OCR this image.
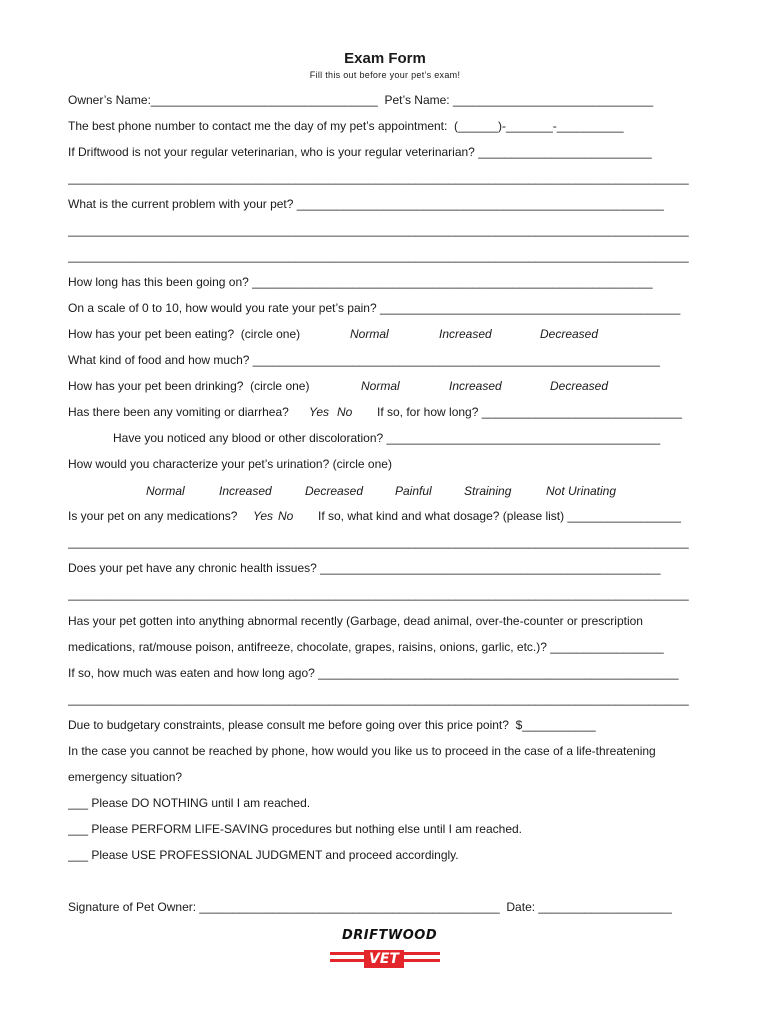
Exam Form
Fill this out before your pet’s exam!
Owner’s Name:__________________________________  Pet’s Name: ______________________________
The best phone number to contact me the day of my pet’s appointment:  (______)-_______-__________
If Driftwood is not your regular veterinarian, who is your regular veterinarian? __________________________
_____________________________________________________________________________________________
What is the current problem with your pet? _______________________________________________________
_____________________________________________________________________________________________
_____________________________________________________________________________________________
How long has this been going on? ____________________________________________________________
On a scale of 0 to 10, how would you rate your pet’s pain? _____________________________________________
How has your pet been eating?  (circle one)	Normal	Increased	Decreased
What kind of food and how much? _____________________________________________________________
How has your pet been drinking?  (circle one)	Normal	Increased	Decreased
Has there been any vomiting or diarrhea?	Yes No If so, for how long? ______________________________
Have you noticed any blood or other discoloration? _________________________________________
How would you characterize your pet’s urination? (circle one)
Normal	Increased	Decreased	Painful	Straining	Not Urinating
Is your pet on any medications?	Yes No If so, what kind and what dosage? (please list) _________________
_____________________________________________________________________________________________
Does your pet have any chronic health issues? ___________________________________________________
_____________________________________________________________________________________________
Has your pet gotten into anything abnormal recently (Garbage, dead animal, over-the-counter or prescription
medications, rat/mouse poison, antifreeze, chocolate, grapes, raisins, onions, garlic, etc.)? _________________
If so, how much was eaten and how long ago? ______________________________________________________
_____________________________________________________________________________________________
Due to budgetary constraints, please consult me before going over this price point?  $___________
In the case you cannot be reached by phone, how would you like us to proceed in the case of a life-threatening
emergency situation?
___ Please DO NOTHING until I am reached.
___ Please PERFORM LIFE-SAVING procedures but nothing else until I am reached.
___ Please USE PROFESSIONAL JUDGMENT and proceed accordingly.
Signature of Pet Owner: _____________________________________________  Date: ____________________
DRIFTWOOD
VET
